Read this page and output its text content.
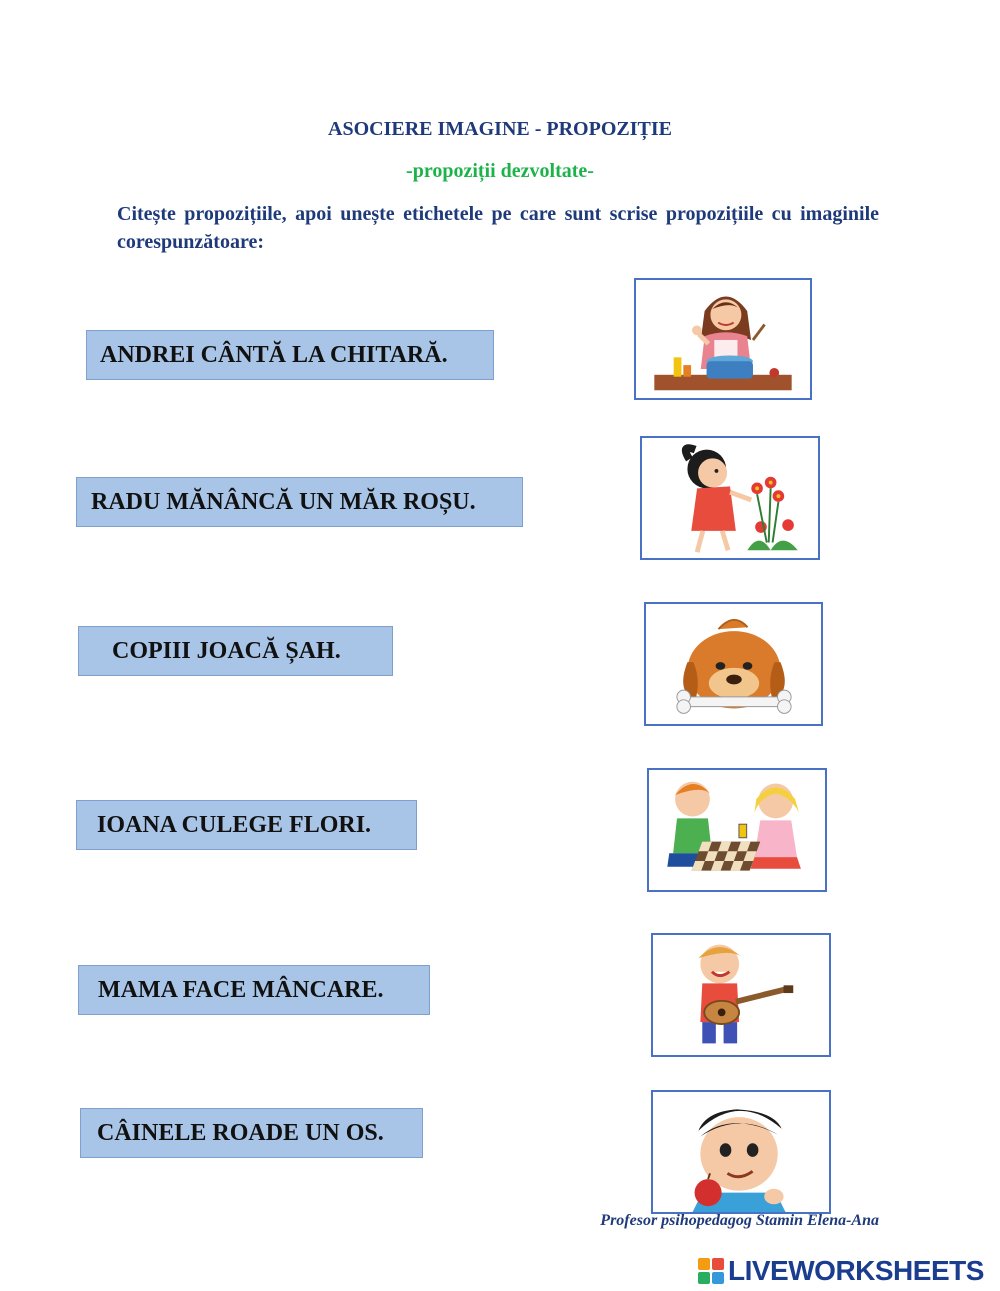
ASOCIERE IMAGINE - PROPOZIȚIE
-propoziții dezvoltate-
Citește propozițiile, apoi unește etichetele pe care sunt scrise propozițiile cu imaginile corespunzătoare:
ANDREI CÂNTĂ LA CHITARĂ.
RADU MĂNÂNCĂ UN MĂR ROȘU.
COPIII JOACĂ ȘAH.
IOANA CULEGE FLORI.
MAMA FACE MÂNCARE.
CÂINELE ROADE UN OS.
Profesor psihopedagog Stamin Elena-Ana
LIVEWORKSHEETS
